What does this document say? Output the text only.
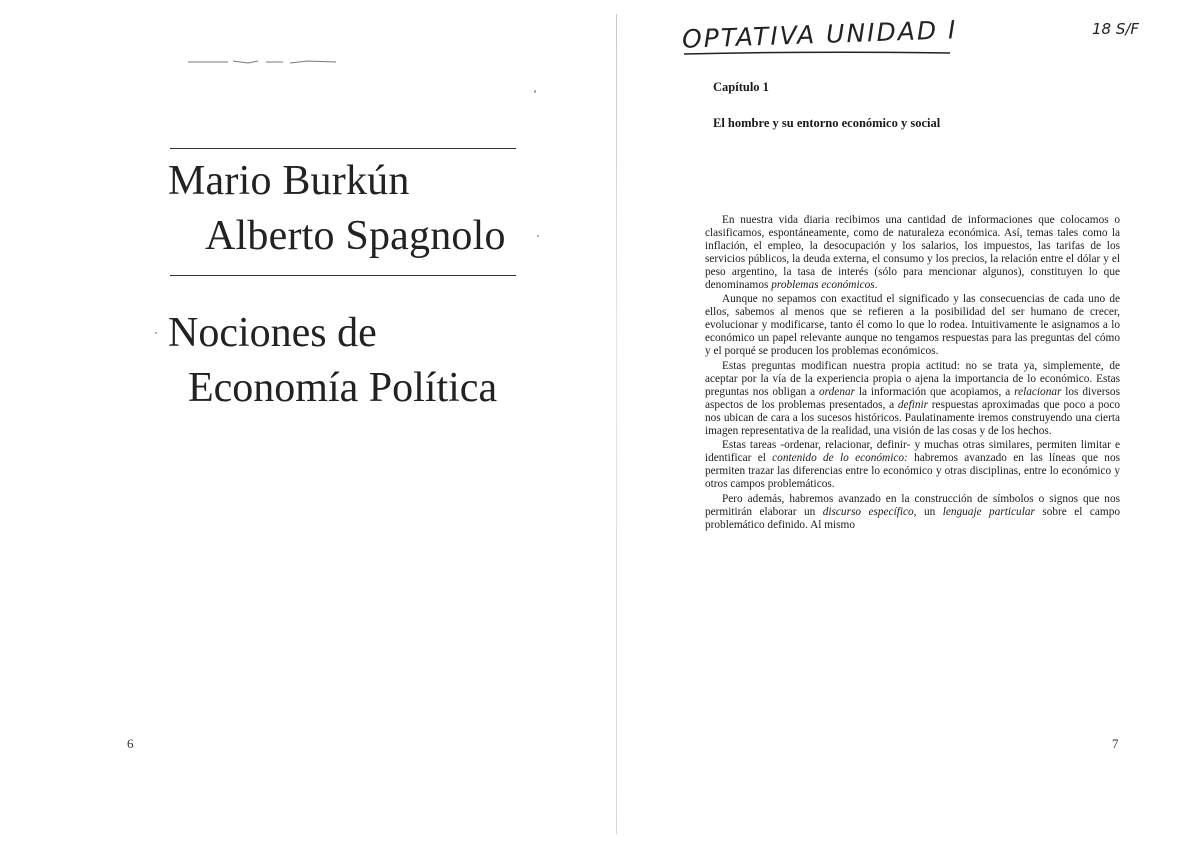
Mario Burkún
Alberto Spagnolo
Nociones de
Economía Política
6
OPTATIVA UNIDAD I	18 S/F
Capítulo 1
El hombre y su entorno económico y social

En nuestra vida diaria recibimos una cantidad de informaciones que colocamos o clasificamos, espontáneamente, como de naturaleza económica. Así, temas tales como la inflación, el empleo, la desocupación y los salarios, los impuestos, las tarifas de los servicios públicos, la deuda externa, el consumo y los precios, la relación entre el dólar y el peso argentino, la tasa de interés (sólo para mencionar algunos), constituyen lo que denominamos problemas económicos.

Aunque no sepamos con exactitud el significado y las consecuencias de cada uno de ellos, sabemos al menos que se refieren a la posibilidad del ser humano de crecer, evolucionar y modificarse, tanto él como lo que lo rodea. Intuitivamente le asignamos a lo económico un papel relevante aunque no tengamos respuestas para las preguntas del cómo y el porqué se producen los problemas económicos.

Estas preguntas modifican nuestra propia actitud: no se trata ya, simplemente, de aceptar por la vía de la experiencia propia o ajena la importancia de lo económico. Estas preguntas nos obligan a ordenar la información que acopiamos, a relacionar los diversos aspectos de los problemas presentados, a definir respuestas aproximadas que poco a poco nos ubican de cara a los sucesos históricos. Paulatinamente iremos construyendo una cierta imagen representativa de la realidad, una visión de las cosas y de los hechos.

Estas tareas -ordenar, relacionar, definir- y muchas otras similares, permiten limitar e identificar el contenido de lo económico: habremos avanzado en las líneas que nos permiten trazar las diferencias entre lo económico y otras disciplinas, entre lo económico y otros campos problemáticos.

Pero además, habremos avanzado en la construcción de símbolos o signos que nos permitirán elaborar un discurso específico, un lenguaje particular sobre el campo problemático definido. Al mismo

7
